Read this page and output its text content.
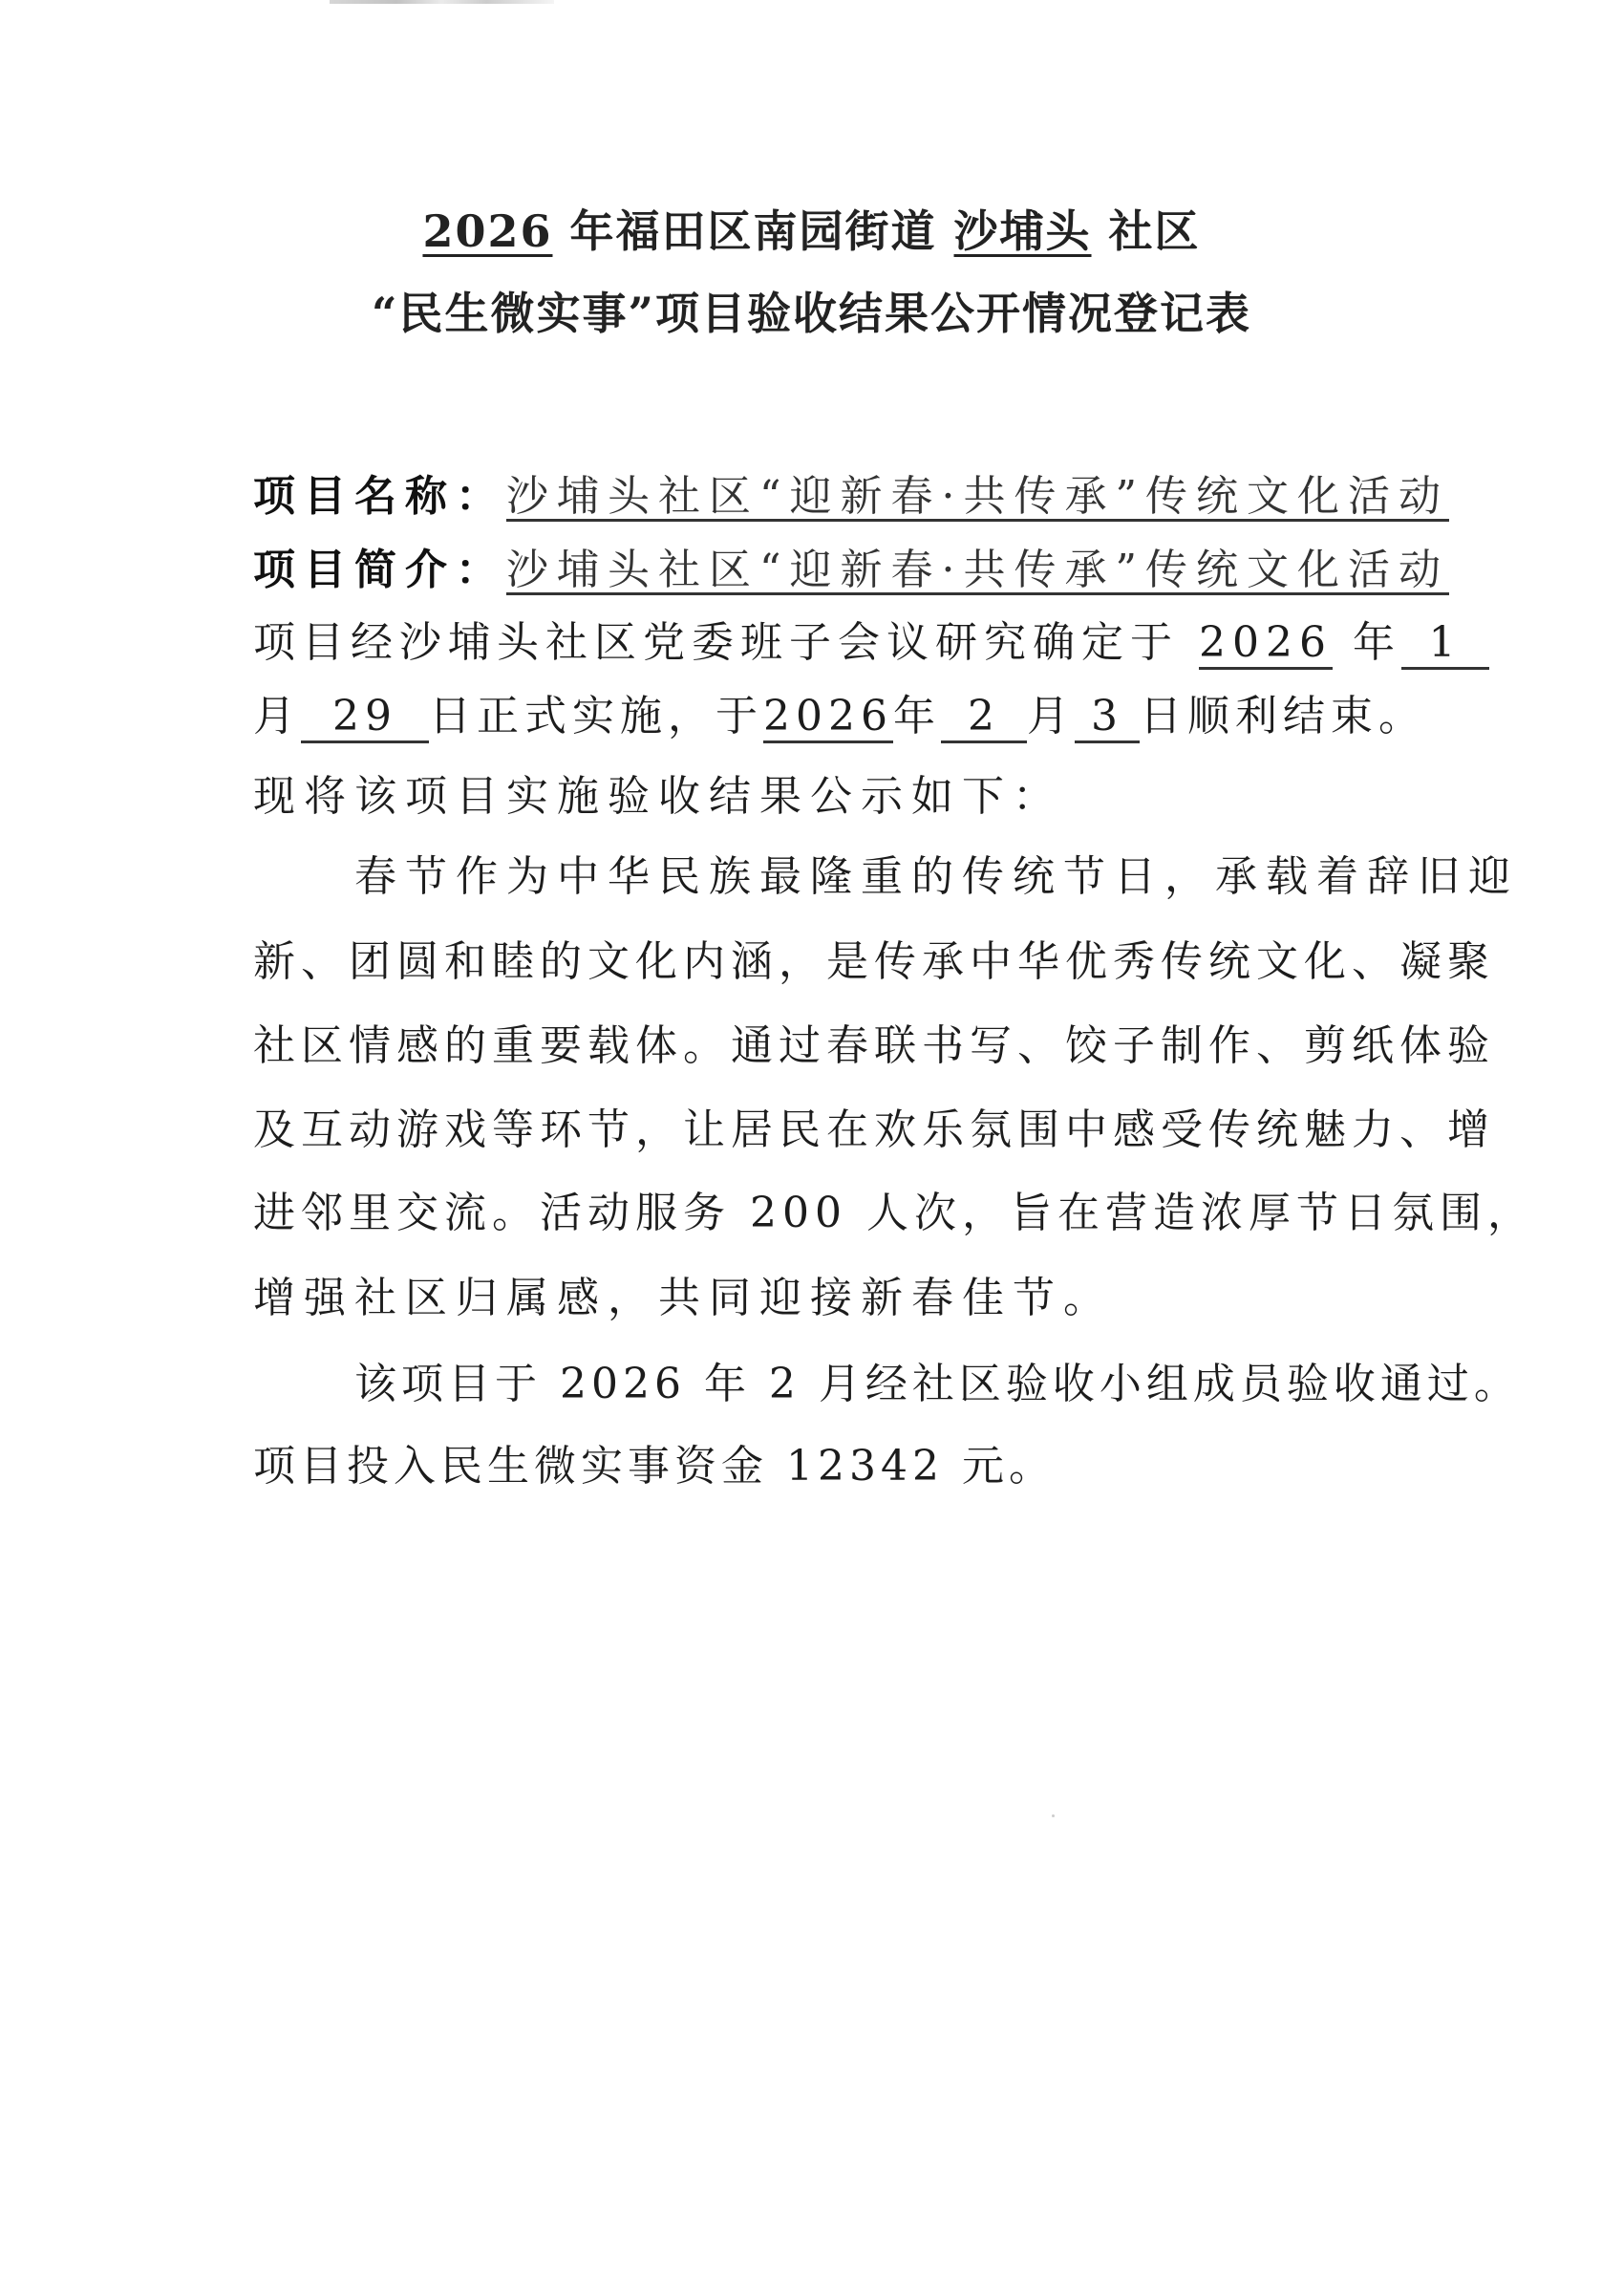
2026 年福田区南园街道 沙埔头 社区
“民生微实事”项目验收结果公开情况登记表
项目名称：沙埔头社区“迎新春·共传承”传统文化活动
项目简介：沙埔头社区“迎新春·共传承”传统文化活动
项目经沙埔头社区党委班子会议研究确定于 2026 年 1
月 29 日正式实施，于2026年 2 月 3 日顺利结束。
现将该项目实施验收结果公示如下：
春节作为中华民族最隆重的传统节日，承载着辞旧迎
新、团圆和睦的文化内涵，是传承中华优秀传统文化、凝聚
社区情感的重要载体。通过春联书写、饺子制作、剪纸体验
及互动游戏等环节，让居民在欢乐氛围中感受传统魅力、增
进邻里交流。活动服务 200 人次，旨在营造浓厚节日氛围，
增强社区归属感，共同迎接新春佳节。
该项目于 2026 年 2 月经社区验收小组成员验收通过。
项目投入民生微实事资金 12342 元。
